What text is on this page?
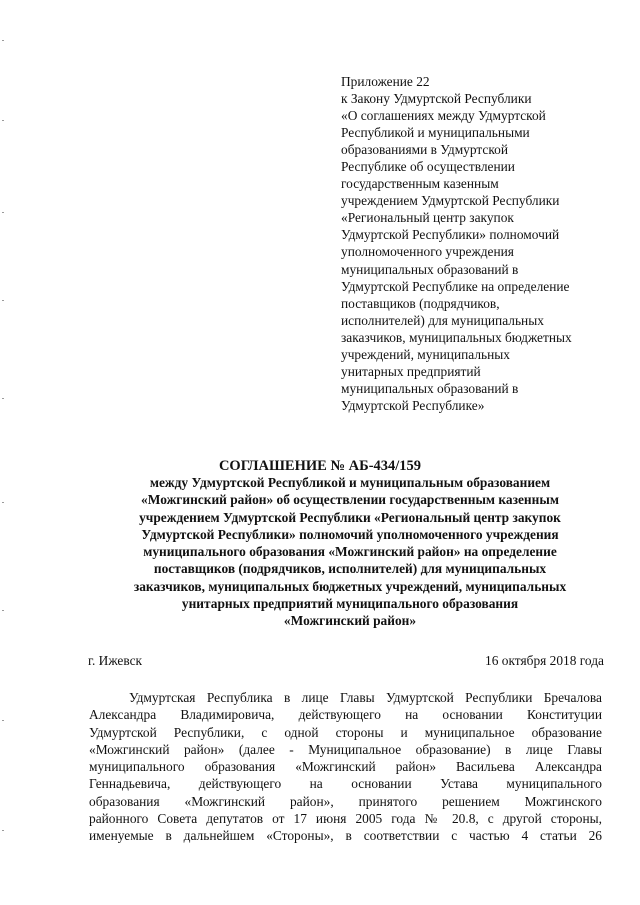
Приложение 22
к Закону Удмуртской Республики
«О соглашениях между Удмуртской
Республикой и муниципальными
образованиями в Удмуртской
Республике об осуществлении
государственным казенным
учреждением Удмуртской Республики
«Региональный центр закупок
Удмуртской Республики» полномочий
уполномоченного учреждения
муниципальных образований в
Удмуртской Республике на определение
поставщиков (подрядчиков,
исполнителей) для муниципальных
заказчиков, муниципальных бюджетных
учреждений, муниципальных
унитарных предприятий
муниципальных образований в
Удмуртской Республике»
СОГЛАШЕНИЕ № АБ-434/159
между Удмуртской Республикой и муниципальным образованием
«Можгинский район» об осуществлении государственным казенным
учреждением Удмуртской Республики «Региональный центр закупок
Удмуртской Республики» полномочий уполномоченного учреждения
муниципального образования «Можгинский район» на определение
поставщиков (подрядчиков, исполнителей) для муниципальных
заказчиков, муниципальных бюджетных учреждений, муниципальных
унитарных предприятий муниципального образования
«Можгинский район»
г. Ижевск	16 октября 2018 года
Удмуртская Республика в лице Главы Удмуртской Республики Бречалова
Александра Владимировича, действующего на основании Конституции
Удмуртской Республики, с одной стороны и муниципальное образование
«Можгинский район» (далее - Муниципальное образование) в лице Главы
муниципального образования «Можгинский район» Васильева Александра
Геннадьевича, действующего на основании Устава муниципального
образования «Можгинский район», принятого решением Можгинского
районного Совета депутатов от 17 июня 2005 года № 20.8, с другой стороны,
именуемые в дальнейшем «Стороны», в соответствии с частью 4 статьи 26
